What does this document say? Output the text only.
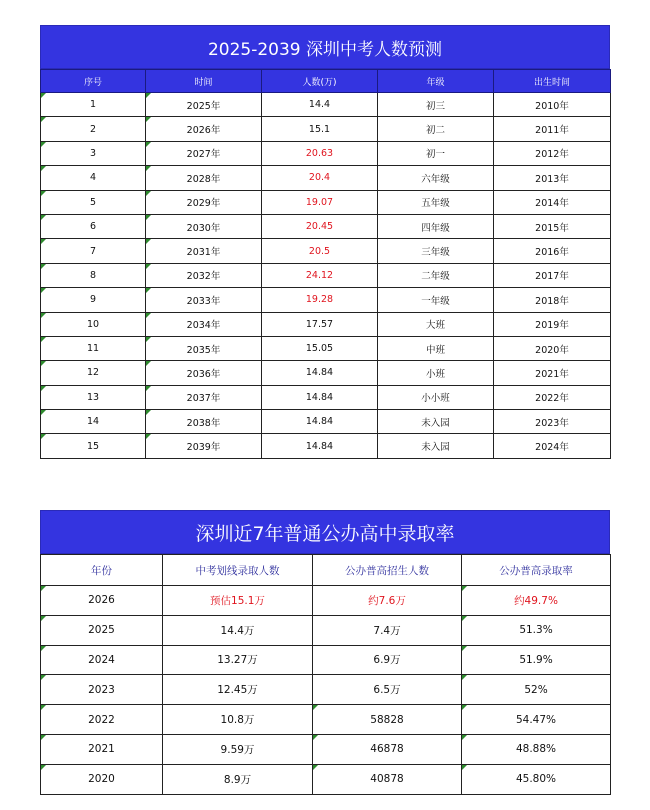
2025-2039 深圳中考人数预测
序号	时间	人数(万)	年级	出生时间
1	2025年	14.4	初三	2010年
2	2026年	15.1	初二	2011年
3	2027年	20.63	初一	2012年
4	2028年	20.4	六年级	2013年
5	2029年	19.07	五年级	2014年
6	2030年	20.45	四年级	2015年
7	2031年	20.5	三年级	2016年
8	2032年	24.12	二年级	2017年
9	2033年	19.28	一年级	2018年
10	2034年	17.57	大班	2019年
11	2035年	15.05	中班	2020年
12	2036年	14.84	小班	2021年
13	2037年	14.84	小小班	2022年
14	2038年	14.84	未入园	2023年
15	2039年	14.84	未入园	2024年
深圳近7年普通公办高中录取率
年份	中考划线录取人数	公办普高招生人数	公办普高录取率
2026	预估15.1万	约7.6万	约49.7%
2025	14.4万	7.4万	51.3%
2024	13.27万	6.9万	51.9%
2023	12.45万	6.5万	52%
2022	10.8万	58828	54.47%
2021	9.59万	46878	48.88%
2020	8.9万	40878	45.80%
